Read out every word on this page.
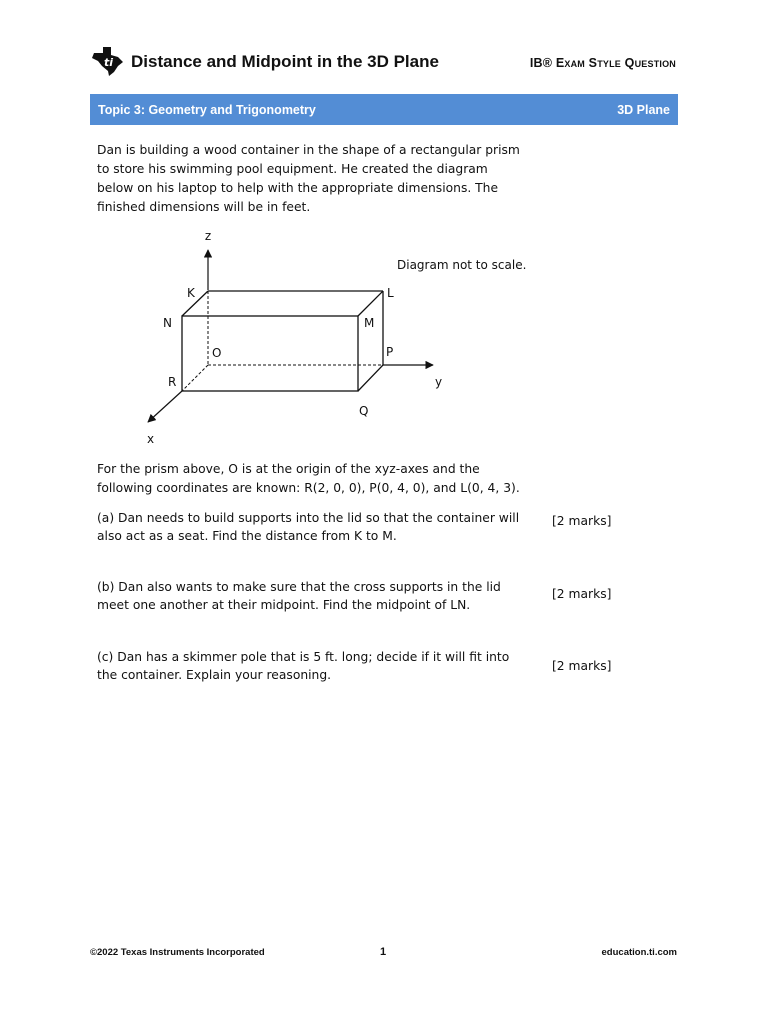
ti Distance and Midpoint in the 3D Plane	IB® Exam Style Question
Topic 3: Geometry and Trigonometry	3D Plane
Dan is building a wood container in the shape of a rectangular prism to store his swimming pool equipment. He created the diagram below on his laptop to help with the appropriate dimensions. The finished dimensions will be in feet.
z
y
x
K	L
N	M
O	P
R
Q
Diagram not to scale.
For the prism above, O is at the origin of the xyz-axes and the following coordinates are known: R(2, 0, 0), P(0, 4, 0), and L(0, 4, 3).
(a) Dan needs to build supports into the lid so that the container will also act as a seat. Find the distance from K to M.
[2 marks]
(b) Dan also wants to make sure that the cross supports in the lid meet one another at their midpoint. Find the midpoint of LN.
[2 marks]
(c) Dan has a skimmer pole that is 5 ft. long; decide if it will fit into the container. Explain your reasoning.
[2 marks]
©2022 Texas Instruments Incorporated	1	education.ti.com
